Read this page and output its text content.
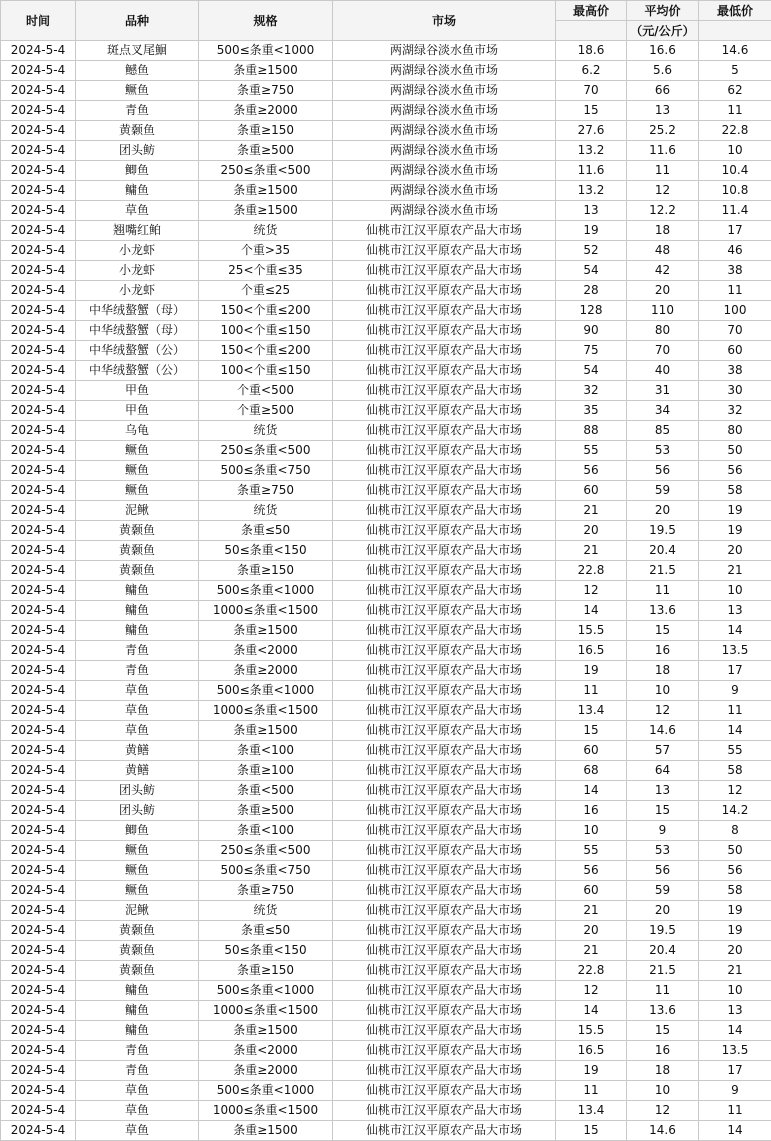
时间	品种	规格	市场	最高价	平均价	最低价
					（元/公斤）	
2024-5-4	斑点叉尾鮰	500≤条重<1000	两湖绿谷淡水鱼市场	18.6	16.6	14.6
2024-5-4	鳡鱼	条重≥1500	两湖绿谷淡水鱼市场	6.2	5.6	5
2024-5-4	鳜鱼	条重≥750	两湖绿谷淡水鱼市场	70	66	62
2024-5-4	青鱼	条重≥2000	两湖绿谷淡水鱼市场	15	13	11
2024-5-4	黄颡鱼	条重≥150	两湖绿谷淡水鱼市场	27.6	25.2	22.8
2024-5-4	团头鲂	条重≥500	两湖绿谷淡水鱼市场	13.2	11.6	10
2024-5-4	鲫鱼	250≤条重<500	两湖绿谷淡水鱼市场	11.6	11	10.4
2024-5-4	鳙鱼	条重≥1500	两湖绿谷淡水鱼市场	13.2	12	10.8
2024-5-4	草鱼	条重≥1500	两湖绿谷淡水鱼市场	13	12.2	11.4
2024-5-4	翘嘴红鲌	统货	仙桃市江汉平原农产品大市场	19	18	17
2024-5-4	小龙虾	个重>35	仙桃市江汉平原农产品大市场	52	48	46
2024-5-4	小龙虾	25<个重≤35	仙桃市江汉平原农产品大市场	54	42	38
2024-5-4	小龙虾	个重≤25	仙桃市江汉平原农产品大市场	28	20	11
2024-5-4	中华绒螯蟹（母）	150<个重≤200	仙桃市江汉平原农产品大市场	128	110	100
2024-5-4	中华绒螯蟹（母）	100<个重≤150	仙桃市江汉平原农产品大市场	90	80	70
2024-5-4	中华绒螯蟹（公）	150<个重≤200	仙桃市江汉平原农产品大市场	75	70	60
2024-5-4	中华绒螯蟹（公）	100<个重≤150	仙桃市江汉平原农产品大市场	54	40	38
2024-5-4	甲鱼	个重<500	仙桃市江汉平原农产品大市场	32	31	30
2024-5-4	甲鱼	个重≥500	仙桃市江汉平原农产品大市场	35	34	32
2024-5-4	乌龟	统货	仙桃市江汉平原农产品大市场	88	85	80
2024-5-4	鳜鱼	250≤条重<500	仙桃市江汉平原农产品大市场	55	53	50
2024-5-4	鳜鱼	500≤条重<750	仙桃市江汉平原农产品大市场	56	56	56
2024-5-4	鳜鱼	条重≥750	仙桃市江汉平原农产品大市场	60	59	58
2024-5-4	泥鳅	统货	仙桃市江汉平原农产品大市场	21	20	19
2024-5-4	黄颡鱼	条重≤50	仙桃市江汉平原农产品大市场	20	19.5	19
2024-5-4	黄颡鱼	50≤条重<150	仙桃市江汉平原农产品大市场	21	20.4	20
2024-5-4	黄颡鱼	条重≥150	仙桃市江汉平原农产品大市场	22.8	21.5	21
2024-5-4	鳙鱼	500≤条重<1000	仙桃市江汉平原农产品大市场	12	11	10
2024-5-4	鳙鱼	1000≤条重<1500	仙桃市江汉平原农产品大市场	14	13.6	13
2024-5-4	鳙鱼	条重≥1500	仙桃市江汉平原农产品大市场	15.5	15	14
2024-5-4	青鱼	条重<2000	仙桃市江汉平原农产品大市场	16.5	16	13.5
2024-5-4	青鱼	条重≥2000	仙桃市江汉平原农产品大市场	19	18	17
2024-5-4	草鱼	500≤条重<1000	仙桃市江汉平原农产品大市场	11	10	9
2024-5-4	草鱼	1000≤条重<1500	仙桃市江汉平原农产品大市场	13.4	12	11
2024-5-4	草鱼	条重≥1500	仙桃市江汉平原农产品大市场	15	14.6	14
2024-5-4	黄鳝	条重<100	仙桃市江汉平原农产品大市场	60	57	55
2024-5-4	黄鳝	条重≥100	仙桃市江汉平原农产品大市场	68	64	58
2024-5-4	团头鲂	条重<500	仙桃市江汉平原农产品大市场	14	13	12
2024-5-4	团头鲂	条重≥500	仙桃市江汉平原农产品大市场	16	15	14.2
2024-5-4	鲫鱼	条重<100	仙桃市江汉平原农产品大市场	10	9	8
2024-5-4	鳜鱼	250≤条重<500	仙桃市江汉平原农产品大市场	55	53	50
2024-5-4	鳜鱼	500≤条重<750	仙桃市江汉平原农产品大市场	56	56	56
2024-5-4	鳜鱼	条重≥750	仙桃市江汉平原农产品大市场	60	59	58
2024-5-4	泥鳅	统货	仙桃市江汉平原农产品大市场	21	20	19
2024-5-4	黄颡鱼	条重≤50	仙桃市江汉平原农产品大市场	20	19.5	19
2024-5-4	黄颡鱼	50≤条重<150	仙桃市江汉平原农产品大市场	21	20.4	20
2024-5-4	黄颡鱼	条重≥150	仙桃市江汉平原农产品大市场	22.8	21.5	21
2024-5-4	鳙鱼	500≤条重<1000	仙桃市江汉平原农产品大市场	12	11	10
2024-5-4	鳙鱼	1000≤条重<1500	仙桃市江汉平原农产品大市场	14	13.6	13
2024-5-4	鳙鱼	条重≥1500	仙桃市江汉平原农产品大市场	15.5	15	14
2024-5-4	青鱼	条重<2000	仙桃市江汉平原农产品大市场	16.5	16	13.5
2024-5-4	青鱼	条重≥2000	仙桃市江汉平原农产品大市场	19	18	17
2024-5-4	草鱼	500≤条重<1000	仙桃市江汉平原农产品大市场	11	10	9
2024-5-4	草鱼	1000≤条重<1500	仙桃市江汉平原农产品大市场	13.4	12	11
2024-5-4	草鱼	条重≥1500	仙桃市江汉平原农产品大市场	15	14.6	14
